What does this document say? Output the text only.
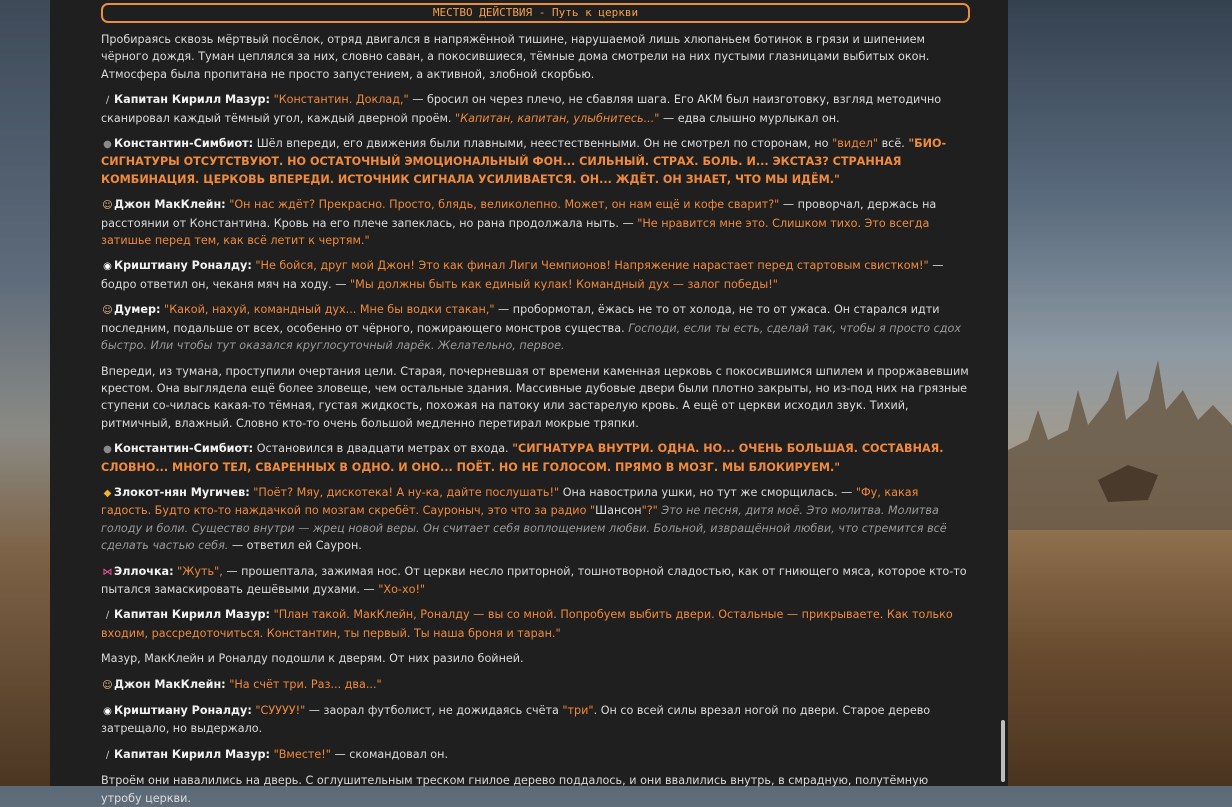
МЕСТВО ДЕЙСТВИЯ - Путь к церкви

Пробираясь сквозь мёртвый посёлок, отряд двигался в напряжённой тишине, нарушаемой лишь хлюпаньем ботинок в грязи и шипением чёрного дождя. Туман цеплялся за них, словно саван, а покосившиеся, тёмные дома смотрели на них пустыми глазницами выбитых окон. Атмосфера была пропитана не просто запустением, а активной, злобной скорбью.

∕ Капитан Кирилл Мазур: "Константин. Доклад," — бросил он через плечо, не сбавляя шага. Его АКМ был наизготовку, взгляд методично сканировал каждый тёмный угол, каждый дверной проём. "Капитан, капитан, улыбнитесь..." — едва слышно мурлыкал он.

● Константин-Симбиот: Шёл впереди, его движения были плавными, неестественными. Он не смотрел по сторонам, но "видел" всё. "БИО-СИГНАТУРЫ ОТСУТСТВУЮТ. НО ОСТАТОЧНЫЙ ЭМОЦИОНАЛЬНЫЙ ФОН... СИЛЬНЫЙ. СТРАХ. БОЛЬ. И... ЭКСТАЗ? СТРАННАЯ КОМБИНАЦИЯ. ЦЕРКОВЬ ВПЕРЕДИ. ИСТОЧНИК СИГНАЛА УСИЛИВАЕТСЯ. ОН... ЖДЁТ. ОН ЗНАЕТ, ЧТО МЫ ИДЁМ."

☺Джон МакКлейн: "Он нас ждёт? Прекрасно. Просто, блядь, великолепно. Может, он нам ещё и кофе сварит?" — проворчал, держась на расстоянии от Константина. Кровь на его плече запеклась, но рана продолжала ныть. — "Не нравится мне это. Слишком тихо. Это всегда затишье перед тем, как всё летит к чертям."

◉ Криштиану Роналду: "Не бойся, друг мой Джон! Это как финал Лиги Чемпионов! Напряжение нарастает перед стартовым свистком!" — бодро ответил он, чеканя мяч на ходу. — "Мы должны быть как единый кулак! Командный дух — залог победы!"

☺Думер: "Какой, нахуй, командный дух... Мне бы водки стакан," — пробормотал, ёжась не то от холода, не то от ужаса. Он старался идти последним, подальше от всех, особенно от чёрного, пожирающего монстров существа. Господи, если ты есть, сделай так, чтобы я просто сдох быстро. Или чтобы тут оказался круглосуточный ларёк. Желательно, первое.

Впереди, из тумана, проступили очертания цели. Старая, почерневшая от времени каменная церковь с покосившимся шпилем и проржавевшим крестом. Она выглядела ещё более зловеще, чем остальные здания. Массивные дубовые двери были плотно закрыты, но из-под них на грязные ступени со-чилась какая-то тёмная, густая жидкость, похожая на патоку или застарелую кровь. А ещё от церкви исходил звук. Тихий, ритмичный, влажный. Словно кто-то очень большой медленно перетирал мокрые тряпки.

● Константин-Симбиот: Остановился в двадцати метрах от входа. "СИГНАТУРА ВНУТРИ. ОДНА. НО... ОЧЕНЬ БОЛЬШАЯ. СОСТАВНАЯ. СЛОВНО... МНОГО ТЕЛ, СВАРЕННЫХ В ОДНО. И ОНО... ПОЁТ. НО НЕ ГОЛОСОМ. ПРЯМО В МОЗГ. МЫ БЛОКИРУЕМ."

◆ Злокот-нян Мугичев: "Поёт? Мяу, дискотека! А ну-ка, дайте послушать!" Она навострила ушки, но тут же сморщилась. — "Фу, какая гадость. Будто кто-то наждачкой по мозгам скребёт. Сауроныч, это что за радио "Шансон"?" Это не песня, дитя моё. Это молитва. Молитва голоду и боли. Существо внутри — жрец новой веры. Он считает себя воплощением любви. Больной, извращённой любви, что стремится всё сделать частью себя. — ответил ей Саурон.

⋈ Эллочка: "Жуть", — прошептала, зажимая нос. От церкви несло приторной, тошнотворной сладостью, как от гниющего мяса, которое кто-то пытался замаскировать дешёвыми духами. — "Хо-хо!"

∕ Капитан Кирилл Мазур: "План такой. МакКлейн, Роналду — вы со мной. Попробуем выбить двери. Остальные — прикрываете. Как только входим, рассредоточиться. Константин, ты первый. Ты наша броня и таран."

Мазур, МакКлейн и Роналду подошли к дверям. От них разило бойней.

☺Джон МакКлейн: "На счёт три. Раз... два..."

◉ Криштиану Роналду: "СУУУУ!" — заорал футболист, не дожидаясь счёта "три". Он со всей силы врезал ногой по двери. Старое дерево затрещало, но выдержало.

∕ Капитан Кирилл Мазур: "Вместе!" — скомандовал он.

Втроём они навалились на дверь. С оглушительным треском гнилое дерево поддалось, и они ввалились внутрь, в смрадную, полутёмную утробу церкви.
